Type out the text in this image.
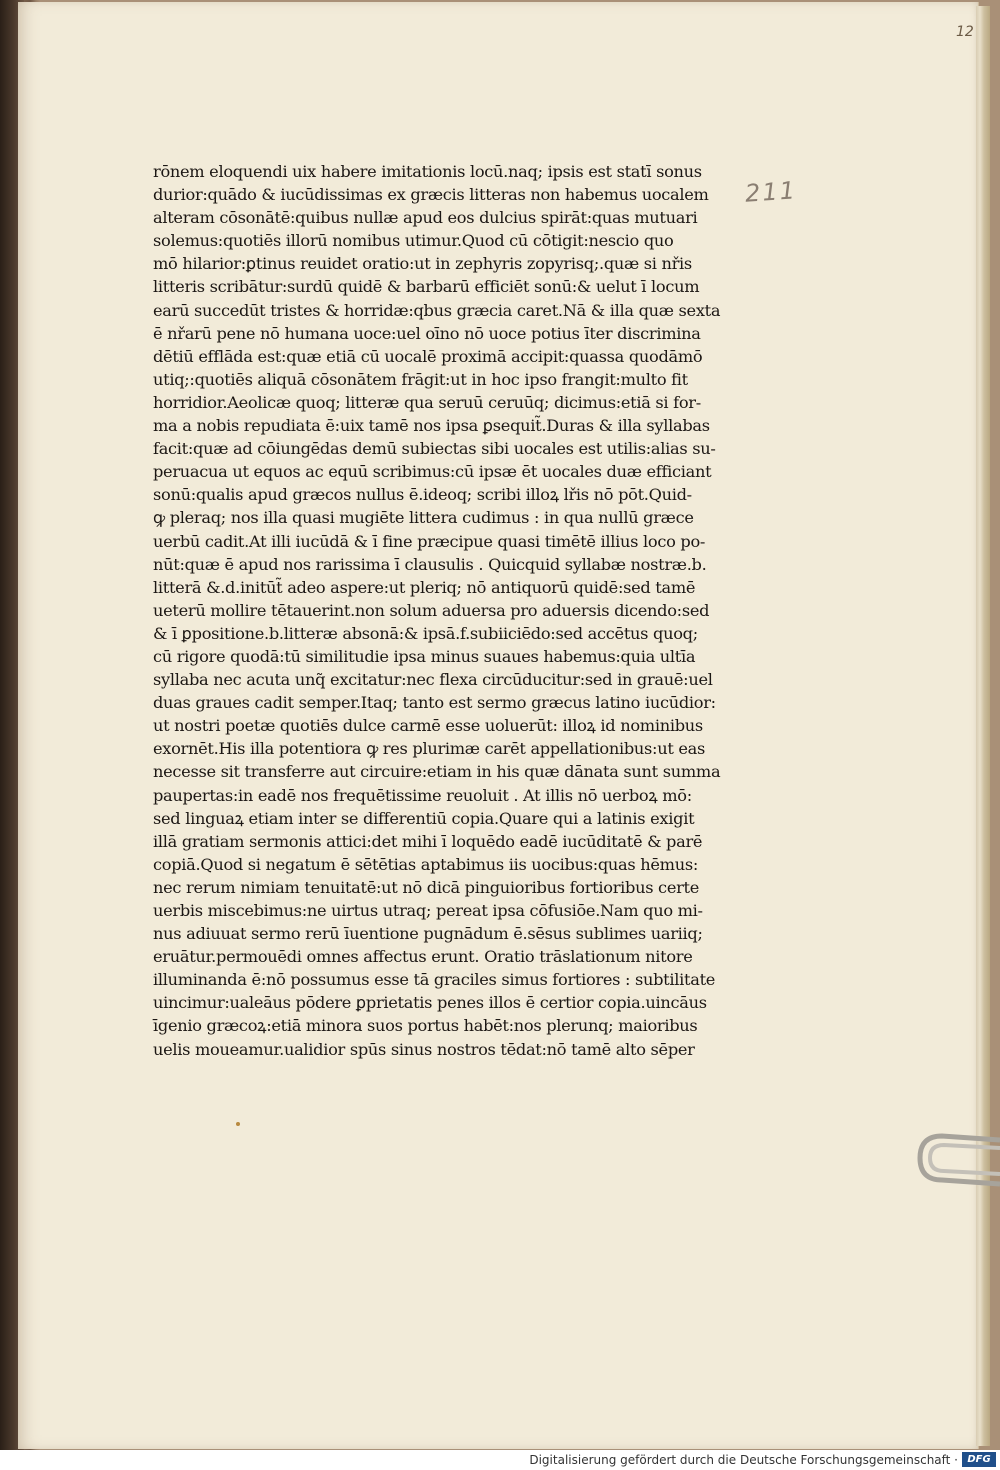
12
211
rōnem eloquendi uix habere imitationis locū.naq; ipsis est statī sonus
durior:quādo & iucūdissimas ex græcis litteras non habemus uocalem
alteram cōsonātē:quibus nullæ apud eos dulcius spirāt:quas mutuari
solemus:quotiēs illorū nomibus utimur.Quod cū cōtigit:nescio quo
mō hilarior:ꝑtinus reuidet oratio:ut in zephyris zopyrisq;.quæ si nřis
litteris scribātur:surdū quidē & barbarū efficiēt sonū:& uelut ī locum
earū succedūt tristes & horridæ:qbus græcia caret.Nā & illa quæ sexta
ē nřarū pene nō humana uoce:uel oīno nō uoce potius īter discrimina
dētiū efflāda est:quæ etiā cū uocalē proximā accipit:quassa quodāmō
utiq;:quotiēs aliquā cōsonātem frāgit:ut in hoc ipso frangit:multo fit
horridior.Aeolicæ quoq; litteræ qua seruū ceruūq; dicimus:etiā si for-
ma a nobis repudiata ē:uix tamē nos ipsa ꝑsequit̃.Duras & illa syllabas
facit:quæ ad cōiungēdas demū subiectas sibi uocales est utilis:alias su-
peruacua ut equos ac equū scribimus:cū ipsæ ēt uocales duæ efficiant
sonū:qualis apud græcos nullus ē.ideoq; scribi illoꝝ lřis nō pōt.Quid-
ꝙ pleraq; nos illa quasi mugiēte littera cudimus : in qua nullū græce
uerbū cadit.At illi iucūdā & ī fine præcipue quasi timētē illius loco po-
nūt:quæ ē apud nos rarissima ī clausulis . Quicquid syllabæ nostræ.b.
litterā &.d.initūt̃ adeo aspere:ut pleriq; nō antiquorū quidē:sed tamē
ueterū mollire tētauerint.non solum aduersa pro aduersis dicendo:sed
& ī ꝑpositione.b.litteræ absonā:& ipsā.f.subiiciēdo:sed accētus quoq;
cū rigore quodā:tū similitudie ipsa minus suaues habemus:quia ultīa
syllaba nec acuta unq̃ excitatur:nec flexa circūducitur:sed in grauē:uel
duas graues cadit semper.Itaq; tanto est sermo græcus latino iucūdior:
ut nostri poetæ quotiēs dulce carmē esse uoluerūt: illoꝝ id nominibus
exornēt.His illa potentiora ꝙ res plurimæ carēt appellationibus:ut eas
necesse sit transferre aut circuire:etiam in his quæ dānata sunt summa
paupertas:in eadē nos frequētissime reuoluit . At illis nō uerboꝝ mō:
sed linguaꝝ etiam inter se differentiū copia.Quare qui a latinis exigit
illā gratiam sermonis attici:det mihi ī loquēdo eadē iucūditatē & parē
copiā.Quod si negatum ē sētētias aptabimus iis uocibus:quas hēmus:
nec rerum nimiam tenuitatē:ut nō dicā pinguioribus fortioribus certe
uerbis miscebimus:ne uirtus utraq; pereat ipsa cōfusiōe.Nam quo mi-
nus adiuuat sermo rerū īuentione pugnādum ē.sēsus sublimes uariiq;
eruātur.permouēdi omnes affectus erunt. Oratio trāslationum nitore
illuminanda ē:nō possumus esse tā graciles simus fortiores : subtilitate
uincimur:ualeāus pōdere ꝑprietatis penes illos ē certior copia.uincāus
īgenio græcoꝝ:etiā minora suos portus habēt:nos plerunq; maioribus
uelis moueamur.ualidior spūs sinus nostros tēdat:nō tamē alto sēper
Digitalisierung gefördert durch die Deutsche Forschungsgemeinschaft · DFG
